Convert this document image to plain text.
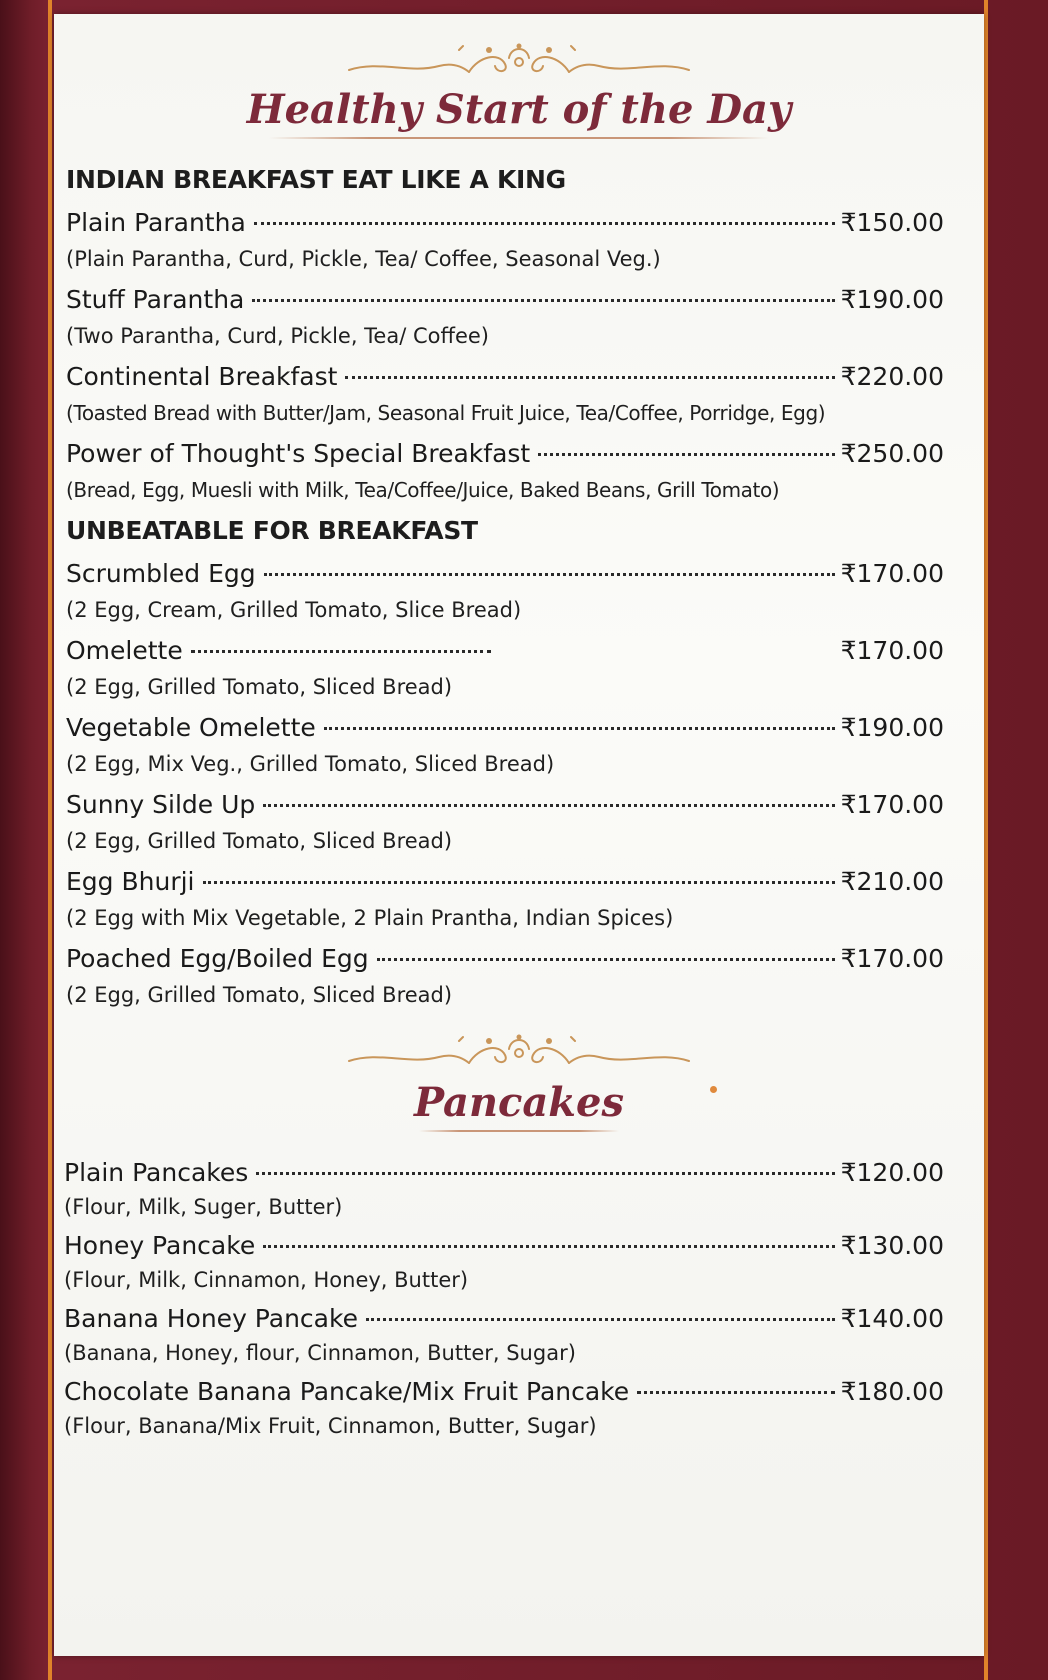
Healthy Start of the Day
INDIAN BREAKFAST EAT LIKE A KING
Plain Parantha	₹150.00

(Plain Parantha, Curd, Pickle, Tea/ Coffee, Seasonal Veg.)

Stuff Parantha	₹190.00

(Two Parantha, Curd, Pickle, Tea/ Coffee)

Continental Breakfast	₹220.00

(Toasted Bread with Butter/Jam, Seasonal Fruit Juice, Tea/Coffee, Porridge, Egg)

Power of Thought's Special Breakfast	₹250.00

(Bread, Egg, Muesli with Milk, Tea/Coffee/Juice, Baked Beans, Grill Tomato)

UNBEATABLE FOR BREAKFAST
Scrumbled Egg	₹170.00

(2 Egg, Cream, Grilled Tomato, Slice Bread)

Omelette	₹170.00

(2 Egg, Grilled Tomato, Sliced Bread)

Vegetable Omelette	₹190.00

(2 Egg, Mix Veg., Grilled Tomato, Sliced Bread)

Sunny Silde Up	₹170.00

(2 Egg, Grilled Tomato, Sliced Bread)

Egg Bhurji	₹210.00

(2 Egg with Mix Vegetable, 2 Plain Prantha, Indian Spices)

Poached Egg/Boiled Egg	₹170.00

(2 Egg, Grilled Tomato, Sliced Bread)

Pancakes
Plain Pancakes	₹120.00

(Flour, Milk, Suger, Butter)

Honey Pancake	₹130.00

(Flour, Milk, Cinnamon, Honey, Butter)

Banana Honey Pancake	₹140.00

(Banana, Honey, flour, Cinnamon, Butter, Sugar)

Chocolate Banana Pancake/Mix Fruit Pancake	₹180.00

(Flour, Banana/Mix Fruit, Cinnamon, Butter, Sugar)
